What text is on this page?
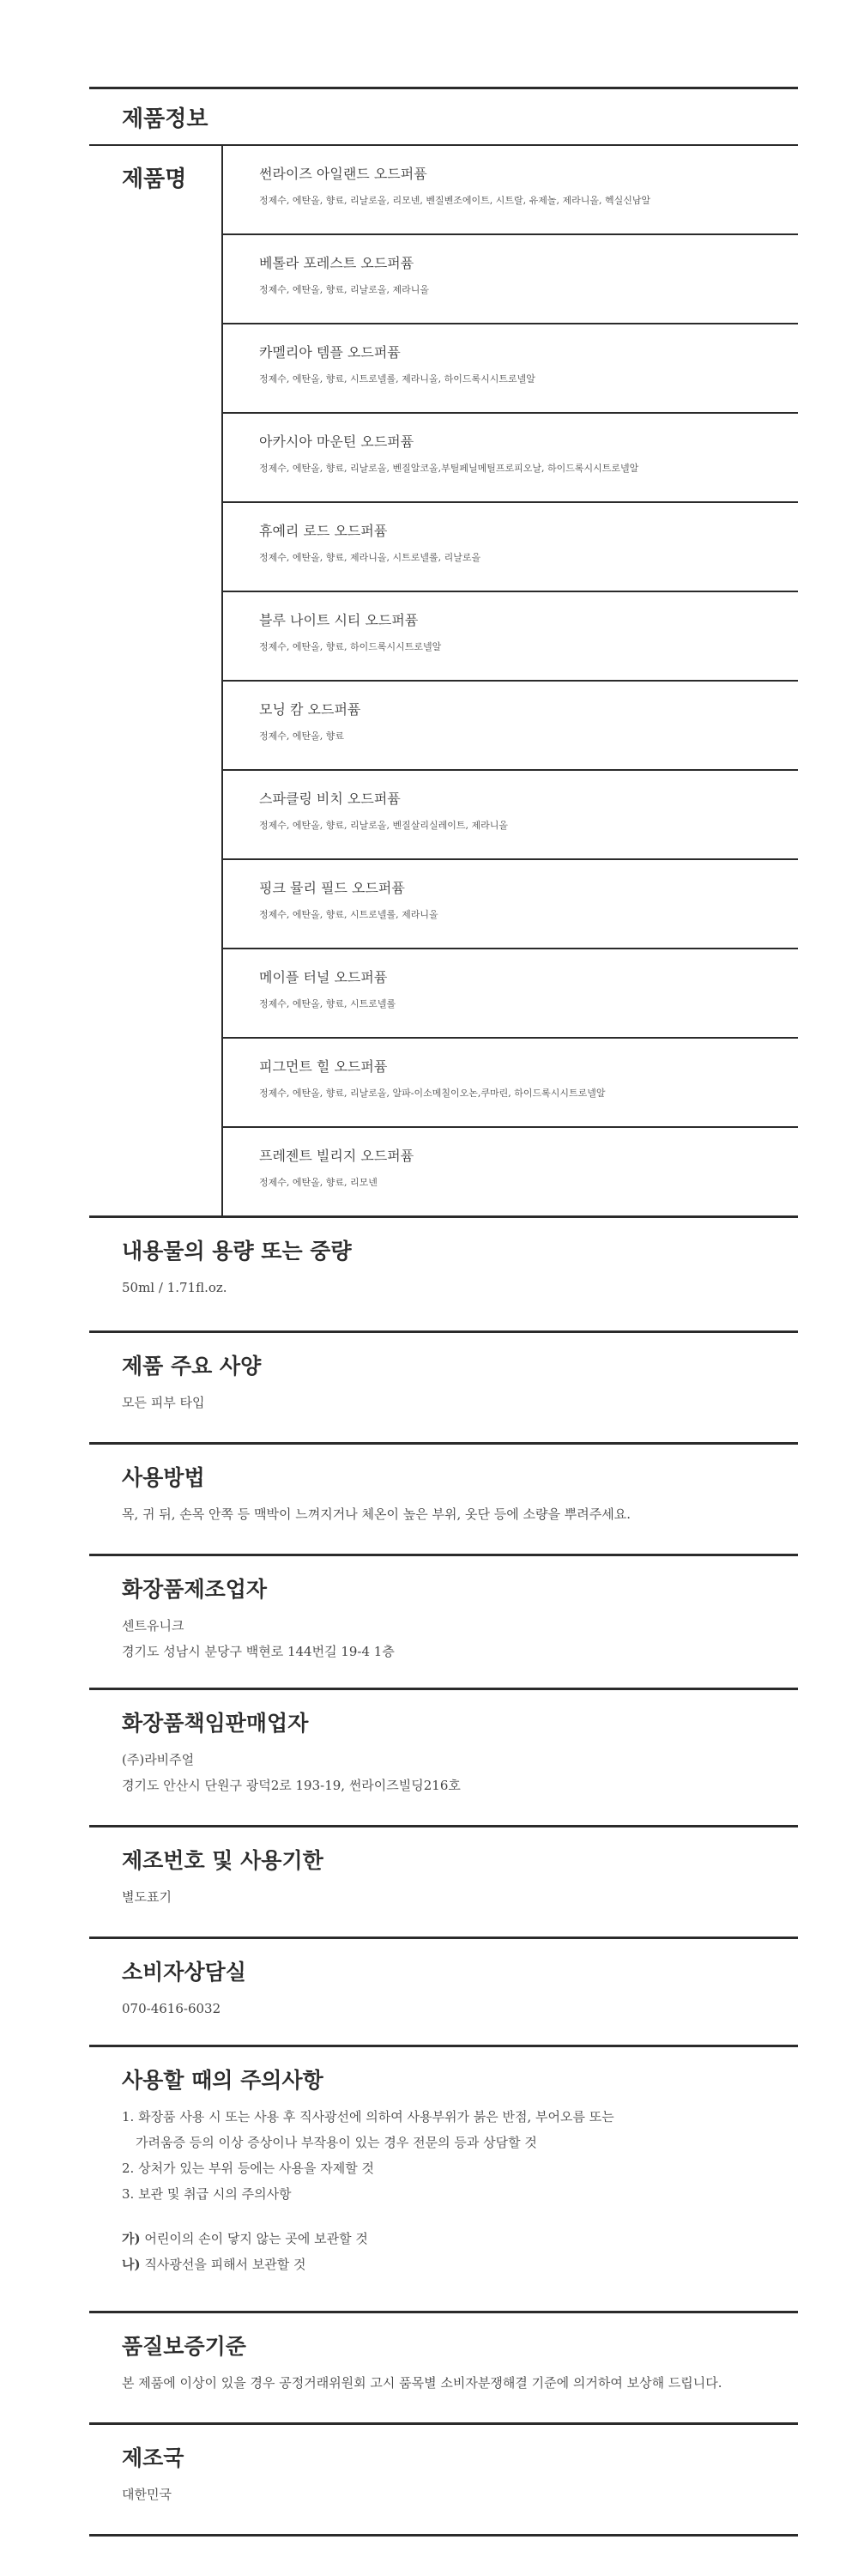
제품정보
제품명	썬라이즈 아일랜드 오드퍼퓸

정제수, 에탄올, 향료, 리날로올, 리모넨, 벤질벤조에이트, 시트랄, 유제놀, 제라니올, 헥실신남알

베톨라 포레스트 오드퍼퓸

정제수, 에탄올, 향료, 리날로올, 제라니올

카멜리아 템플 오드퍼퓸

정제수, 에탄올, 향료, 시트로넬롤, 제라니올, 하이드록시시트로넬알

아카시아 마운틴 오드퍼퓸

정제수, 에탄올, 향료, 리날로올, 벤질알코올,부틸페닐메틸프로피오날, 하이드록시시트로넬알

휴예리 로드 오드퍼퓸

정제수, 에탄올, 향료, 제라니올, 시트로넬롤, 리날로올

블루 나이트 시티 오드퍼퓸

정제수, 에탄올, 향료, 하이드록시시트로넬알

모닝 캄 오드퍼퓸

정제수, 에탄올, 향료

스파클링 비치 오드퍼퓸

정제수, 에탄올, 향료, 리날로올, 벤질살리실레이트, 제라니올

핑크 뮬리 필드 오드퍼퓸

정제수, 에탄올, 향료, 시트로넬롤, 제라니올

메이플 터널 오드퍼퓸

정제수, 에탄올, 향료, 시트로넬롤

피그먼트 힐 오드퍼퓸

정제수, 에탄올, 향료, 리날로올, 알파-이소메칠이오논,쿠마린, 하이드록시시트로넬알

프레젠트 빌리지 오드퍼퓸

정제수, 에탄올, 향료, 리모넨

내용물의 용량 또는 중량

50ml / 1.71fl.oz.

제품 주요 사양

모든 피부 타입

사용방법

목, 귀 뒤, 손목 안쪽 등 맥박이 느껴지거나 체온이 높은 부위, 옷단 등에 소량을 뿌려주세요.

화장품제조업자

센트유니크

경기도 성남시 분당구 백현로 144번길 19-4 1층

화장품책임판매업자

(주)라비주얼

경기도 안산시 단원구 광덕2로 193-19, 썬라이즈빌딩216호

제조번호 및 사용기한

별도표기

소비자상담실

070-4616-6032

사용할 때의 주의사항

1. 화장품 사용 시 또는 사용 후 직사광선에 의하여 사용부위가 붉은 반점, 부어오름 또는

가려움증 등의 이상 증상이나 부작용이 있는 경우 전문의 등과 상담할 것

2. 상처가 있는 부위 등에는 사용을 자제할 것

3. 보관 및 취급 시의 주의사항

가) 어린이의 손이 닿지 않는 곳에 보관할 것

나) 직사광선을 피해서 보관할 것

품질보증기준

본 제품에 이상이 있을 경우 공정거래위원회 고시 품목별 소비자분쟁해결 기준에 의거하여 보상해 드립니다.

제조국

대한민국
